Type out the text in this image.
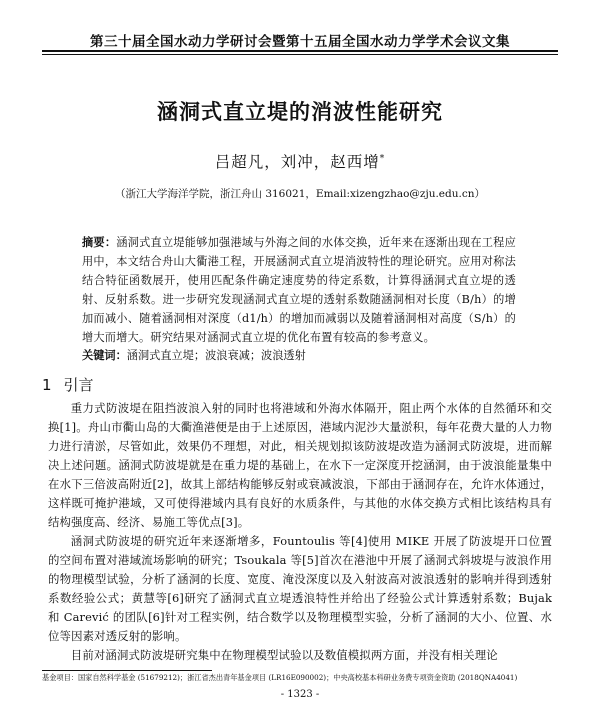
第三十届全国水动力学研讨会暨第十五届全国水动力学学术会议文集
涵洞式直立堤的消波性能研究
吕超凡，刘冲，赵西增*
（浙江大学海洋学院，浙江舟山 316021，Email:xizengzhao@zju.edu.cn）
摘要：涵洞式直立堤能够加强港域与外海之间的水体交换，近年来在逐渐出现在工程应用中，本文结合舟山大衢港工程，开展涵洞式直立堤消波特性的理论研究。应用对称法结合特征函数展开，使用匹配条件确定速度势的待定系数，计算得涵洞式直立堤的透射、反射系数。进一步研究发现涵洞式直立堤的透射系数随涵洞相对长度（B/h）的增加而减小、随着涵洞相对深度（d1/h）的增加而减弱以及随着涵洞相对高度（S/h）的增大而增大。研究结果对涵洞式直立堤的优化布置有较高的参考意义。
关键词：涵洞式直立堤；波浪衰减；波浪透射
1 引言

重力式防波堤在阻挡波浪入射的同时也将港域和外海水体隔开，阻止两个水体的自然循环和交换[1]。舟山市衢山岛的大衢渔港便是由于上述原因，港域内泥沙大量淤积，每年花费大量的人力物力进行清淤，尽管如此，效果仍不理想，对此，相关规划拟该防波堤改造为涵洞式防波堤，进而解决上述问题。涵洞式防波堤就是在重力堤的基础上，在水下一定深度开挖涵洞，由于波浪能量集中在水下三倍波高附近[2]，故其上部结构能够反射或衰减波浪，下部由于涵洞存在，允许水体通过，这样既可掩护港域，又可使得港域内具有良好的水质条件，与其他的水体交换方式相比该结构具有结构强度高、经济、易施工等优点[3]。

涵洞式防波堤的研究近年来逐渐增多，Fountoulis 等[4]使用 MIKE 开展了防波堤开口位置的空间布置对港域流场影响的研究；Tsoukala 等[5]首次在港池中开展了涵洞式斜坡堤与波浪作用的物理模型试验，分析了涵洞的长度、宽度、淹没深度以及入射波高对波浪透射的影响并得到透射系数经验公式；黄慧等[6]研究了涵洞式直立堤透浪特性并给出了经验公式计算透射系数；Bujak 和 Carević 的团队[6]针对工程实例，结合数学以及物理模型实验，分析了涵洞的大小、位置、水位等因素对透反射的影响。

目前对涵洞式防波堤研究集中在物理模型试验以及数值模拟两方面，并没有相关理论

基金项目：国家自然科学基金 (51679212)；浙江省杰出青年基金项目 (LR16E090002)；中央高校基本科研业务费专项资金资助 (2018QNA4041)
- 1323 -
